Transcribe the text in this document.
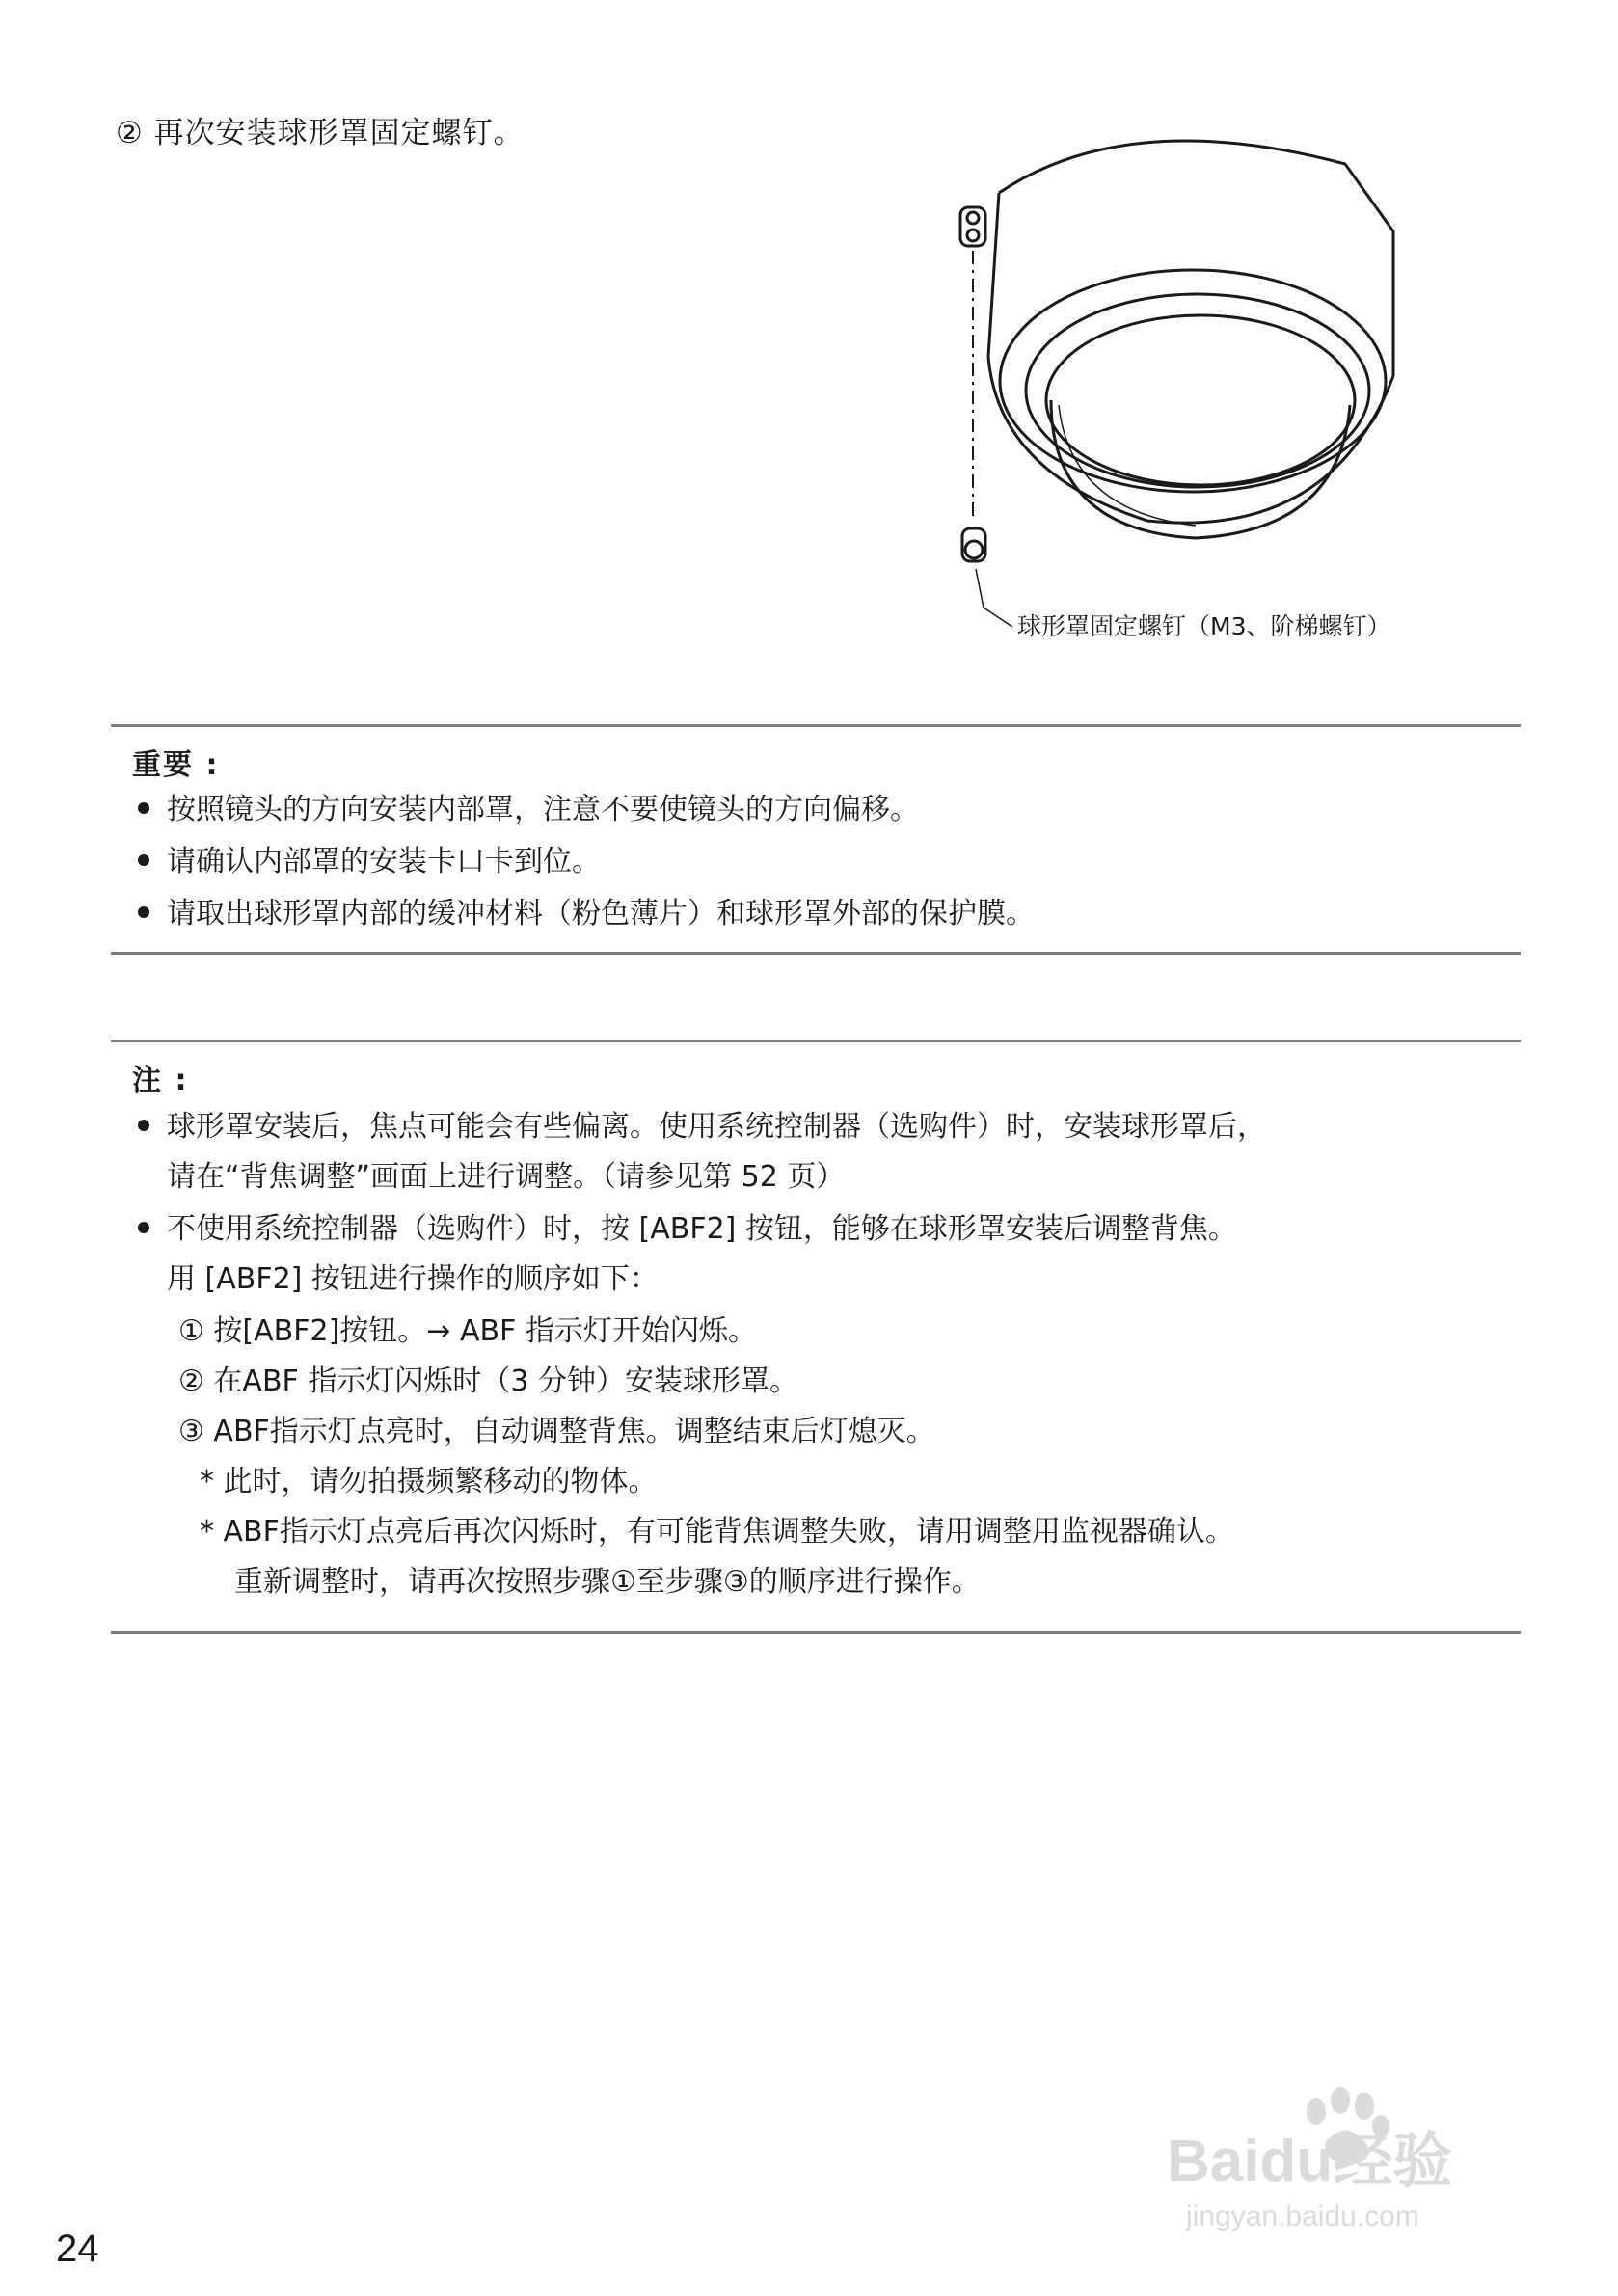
② 再次安装球形罩固定螺钉。
球形罩固定螺钉（M3、阶梯螺钉）
重要 :
按照镜头的方向安装内部罩，注意不要使镜头的方向偏移。
请确认内部罩的安装卡口卡到位。
请取出球形罩内部的缓冲材料（粉色薄片）和球形罩外部的保护膜。
注 :
球形罩安装后，焦点可能会有些偏离。使用系统控制器（选购件）时，安装球形罩后，
请在“背焦调整”画面上进行调整。（请参见第 52 页）
不使用系统控制器（选购件）时，按 [ABF2] 按钮，能够在球形罩安装后调整背焦。
用 [ABF2] 按钮进行操作的顺序如下：
① 按[ABF2]按钮。→ ABF 指示灯开始闪烁。
② 在ABF 指示灯闪烁时（3 分钟）安装球形罩。
③ ABF指示灯点亮时，自动调整背焦。调整结束后灯熄灭。
* 此时，请勿拍摄频繁移动的物体。
* ABF指示灯点亮后再次闪烁时，有可能背焦调整失败，请用调整用监视器确认。
重新调整时，请再次按照步骤①至步骤③的顺序进行操作。
Baidu经验
jingyan.baidu.com
24
